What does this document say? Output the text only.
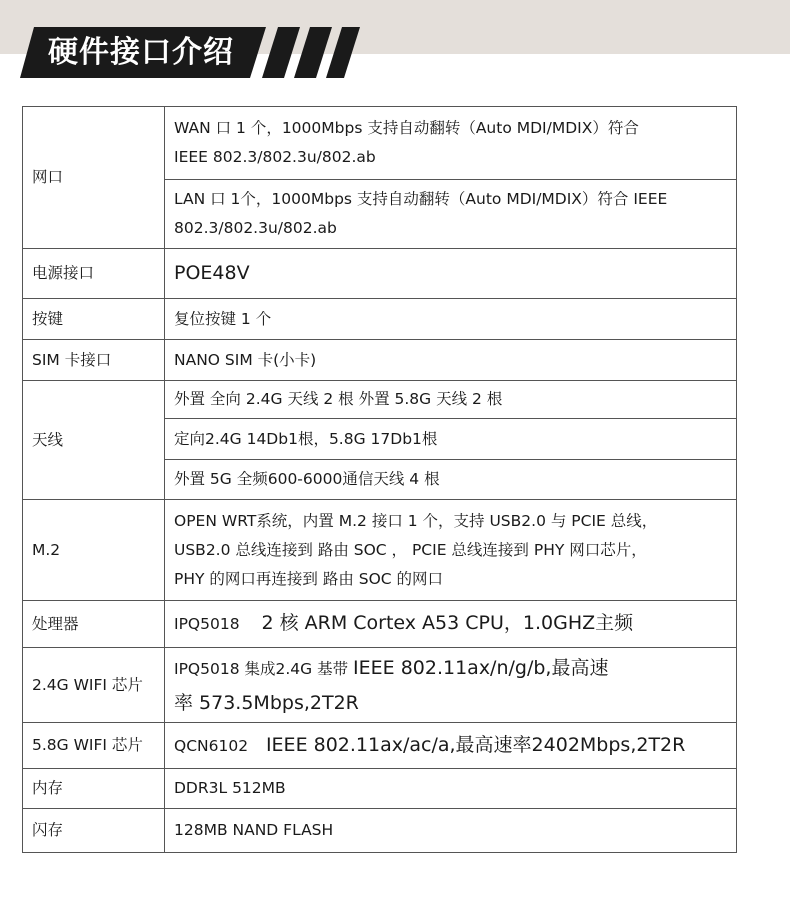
硬件接口介绍
网口	WAN 口 1 个，1000Mbps 支持自动翻转（Auto MDI/MDIX）符合
IEEE 802.3/802.3u/802.ab

	LAN 口 1个，1000Mbps 支持自动翻转（Auto MDI/MDIX）符合 IEEE
802.3/802.3u/802.ab

电源接口	POE48V
按键	复位按键 1 个
SIM 卡接口	NANO SIM 卡(小卡)
天线	外置 全向 2.4G 天线 2 根 外置 5.8G 天线 2 根
	定向2.4G 14Db1根，5.8G 17Db1根
	外置 5G 全频600-6000通信天线 4 根
M.2	OPEN WRT系统，内置 M.2 接口 1 个，支持 USB2.0 与 PCIE 总线，
USB2.0 总线连接到 路由 SOC ， PCIE 总线连接到 PHY 网口芯片，
PHY 的网口再连接到 路由 SOC 的网口

处理器	IPQ5018 2 核 ARM Cortex A53 CPU，1.0GHZ主频
2.4G WIFI 芯片	IPQ5018 集成2.4G 基带 IEEE 802.11ax/n/g/b,最高速
率 573.5Mbps,2T2R

5.8G WIFI 芯片	QCN6102 IEEE 802.11ax/ac/a,最高速率2402Mbps,2T2R
内存	DDR3L 512MB
闪存	128MB NAND FLASH
